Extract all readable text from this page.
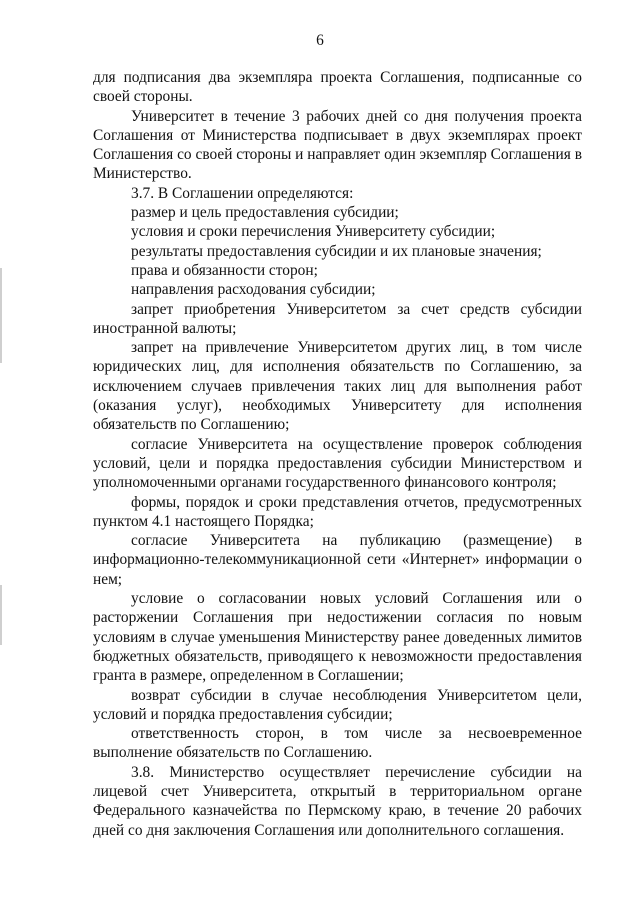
6

для подписания два экземпляра проекта Соглашения, подписанные со своей стороны.

Университет в течение 3 рабочих дней со дня получения проекта Соглашения от Министерства подписывает в двух экземплярах проект Соглашения со своей стороны и направляет один экземпляр Соглашения в Министерство.

3.7. В Соглашении определяются:

размер и цель предоставления субсидии;

условия и сроки перечисления Университету субсидии;

результаты предоставления субсидии и их плановые значения;

права и обязанности сторон;

направления расходования субсидии;

запрет приобретения Университетом за счет средств субсидии иностранной валюты;

запрет на привлечение Университетом других лиц, в том числе юридических лиц, для исполнения обязательств по Соглашению, за исключением случаев привлечения таких лиц для выполнения работ (оказания услуг), необходимых Университету для исполнения обязательств по Соглашению;

согласие Университета на осуществление проверок соблюдения условий, цели и порядка предоставления субсидии Министерством и уполномоченными органами государственного финансового контроля;

формы, порядок и сроки представления отчетов, предусмотренных пунктом 4.1 настоящего Порядка;

согласие Университета на публикацию (размещение) в информационно-телекоммуникационной сети «Интернет» информации о нем;

условие о согласовании новых условий Соглашения или о расторжении Соглашения при недостижении согласия по новым условиям в случае уменьшения Министерству ранее доведенных лимитов бюджетных обязательств, приводящего к невозможности предоставления гранта в размере, определенном в Соглашении;

возврат субсидии в случае несоблюдения Университетом цели, условий и порядка предоставления субсидии;

ответственность сторон, в том числе за несвоевременное выполнение обязательств по Соглашению.

3.8. Министерство осуществляет перечисление субсидии на лицевой счет Университета, открытый в территориальном органе Федерального казначейства по Пермскому краю, в течение 20 рабочих дней со дня заключения Соглашения или дополнительного соглашения.
